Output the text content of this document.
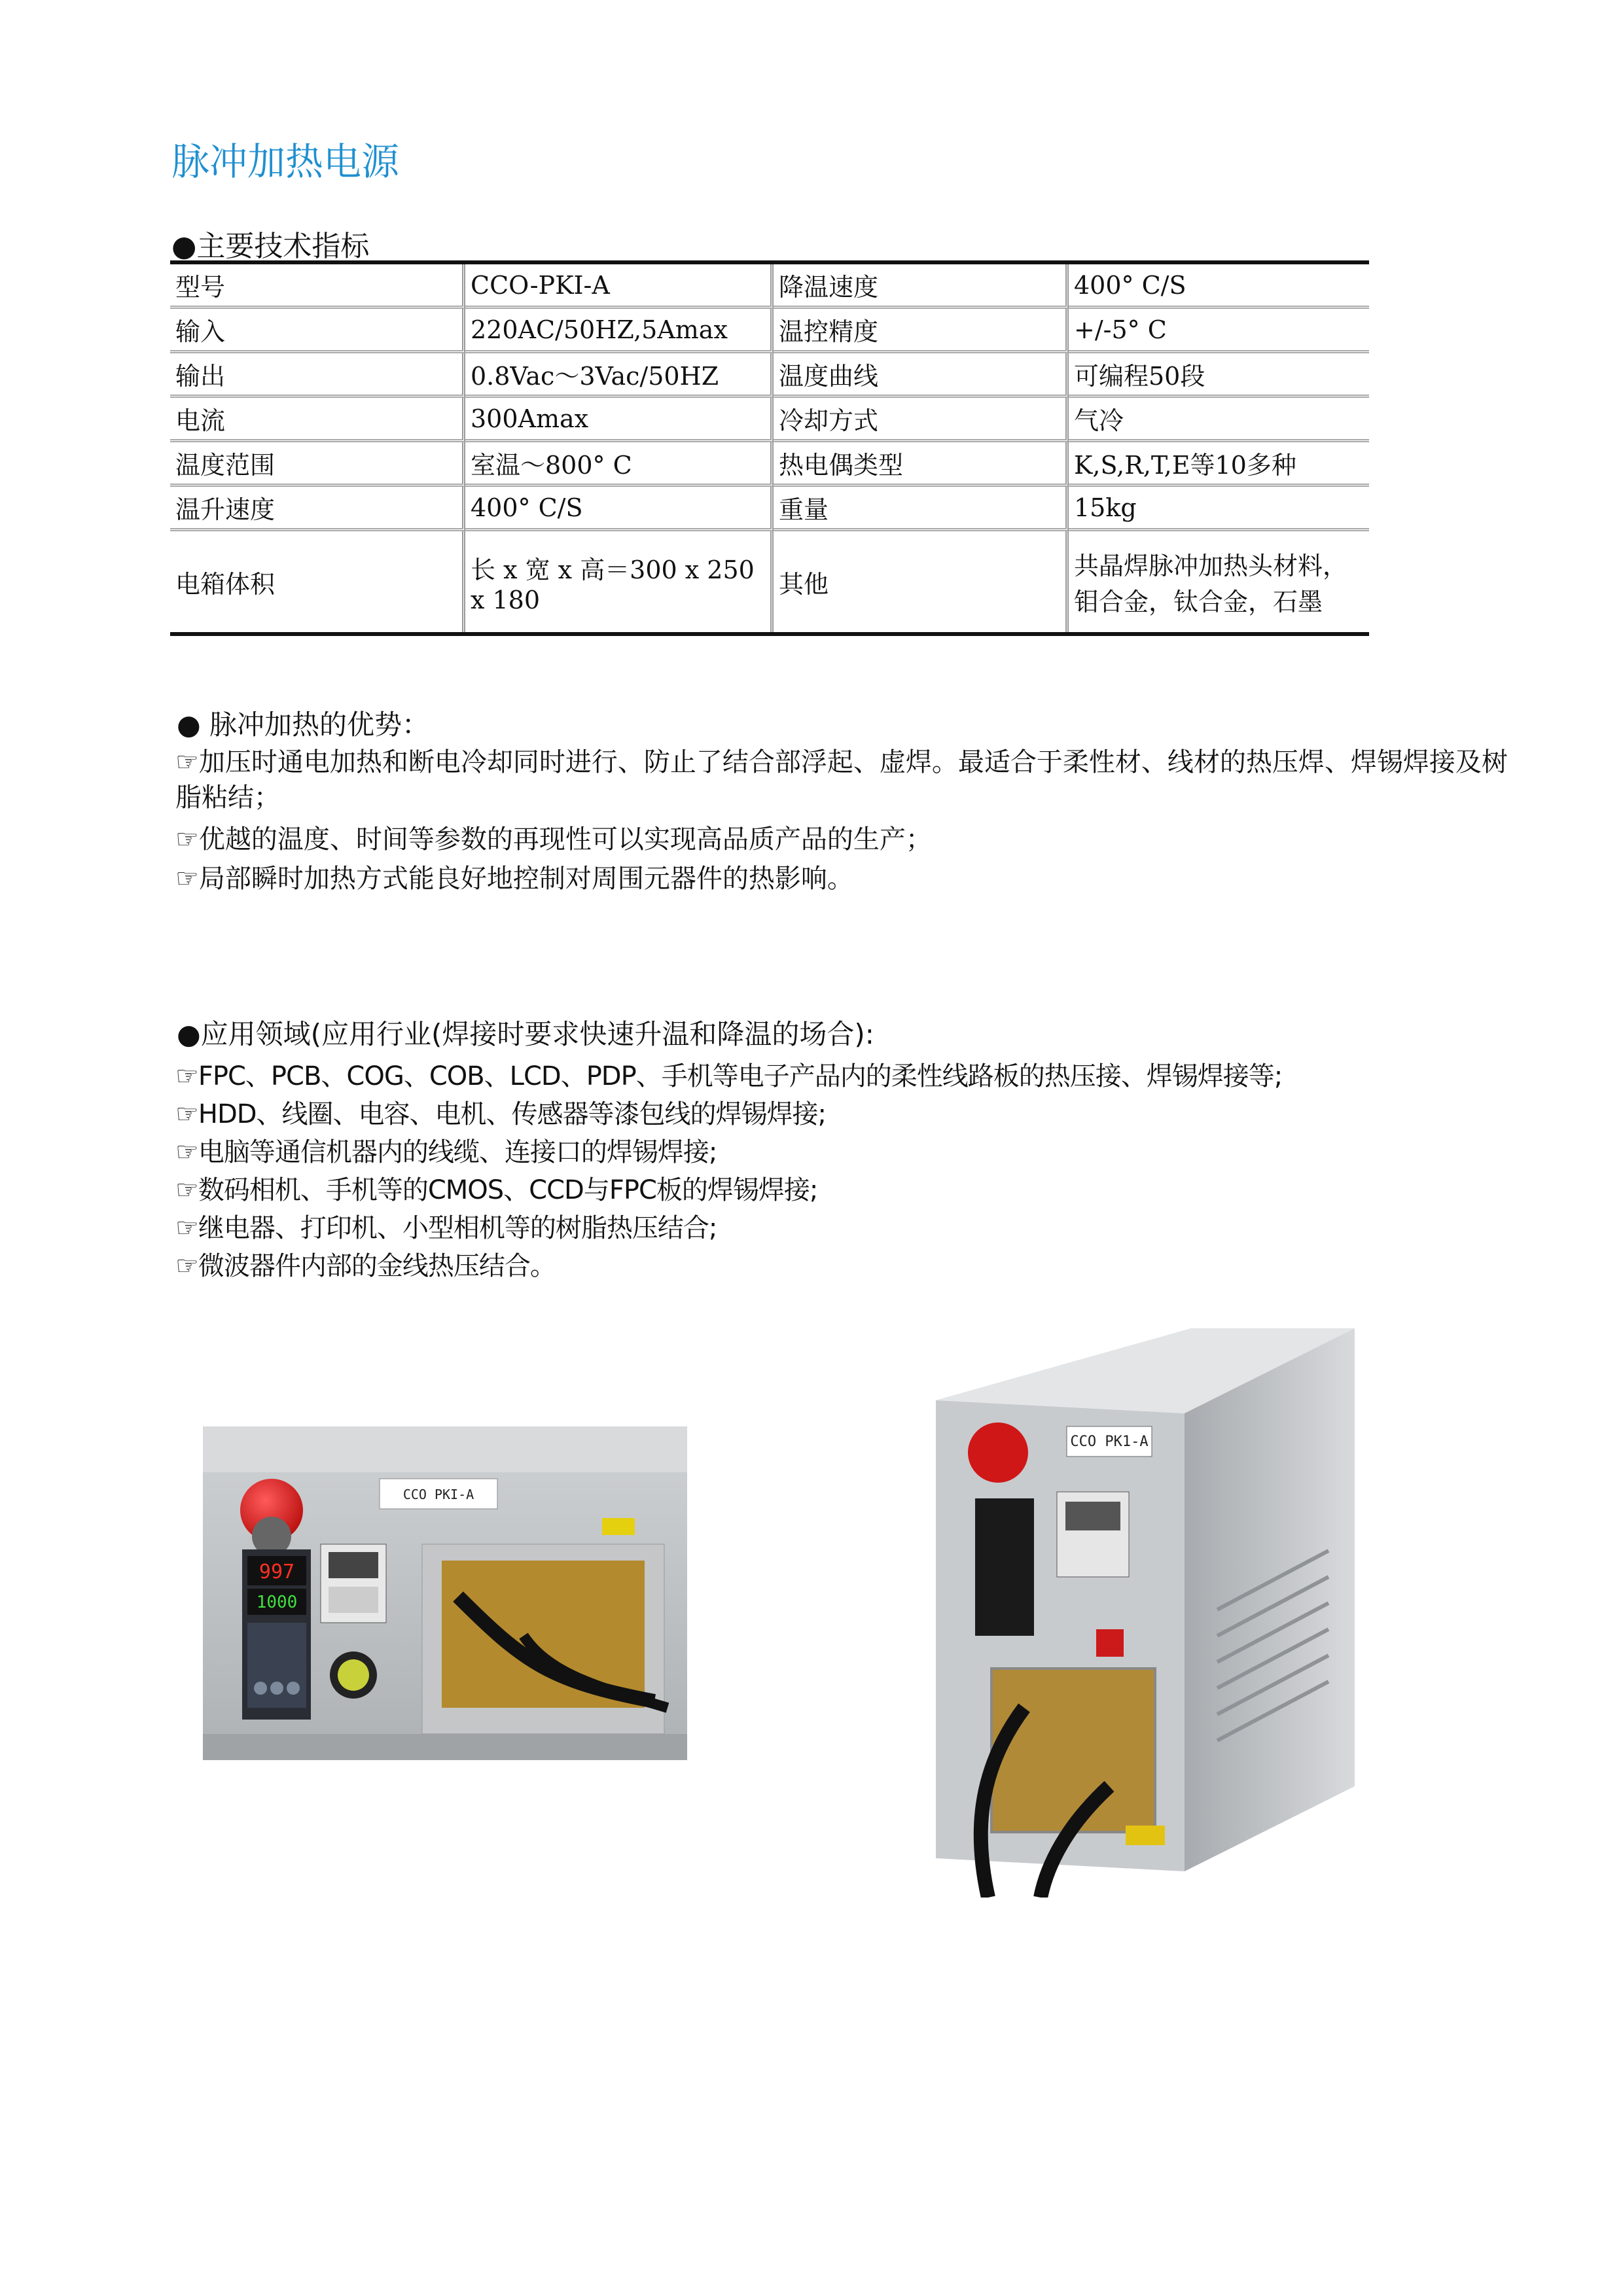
脉冲加热电源
●主要技术指标
型号	CCO-PKI-A	降温速度	400° C/S
输入	220AC/50HZ,5Amax	温控精度	+/-5° C
输出	0.8Vac～3Vac/50HZ	温度曲线	可编程50段
电流	300Amax	冷却方式	气冷
温度范围	室温～800° C	热电偶类型	K,S,R,T,E等10多种
温升速度	400° C/S	重量	15kg
电箱体积	长 x 宽 x 高＝300 x 250 x 180	其他	共晶焊脉冲加热头材料，钼合金，钛合金，石墨
● 脉冲加热的优势：
☞加压时通电加热和断电冷却同时进行、防止了结合部浮起、虚焊。最适合于柔性材、线材的热压焊、焊锡焊接及树脂粘结；
☞优越的温度、时间等参数的再现性可以实现高品质产品的生产；
☞局部瞬时加热方式能良好地控制对周围元器件的热影响。
●应用领域(应用行业(焊接时要求快速升温和降温的场合):
☞FPC、PCB、COG、COB、LCD、PDP、手机等电子产品内的柔性线路板的热压接、焊锡焊接等;
☞HDD、线圈、电容、电机、传感器等漆包线的焊锡焊接;
☞电脑等通信机器内的线缆、连接口的焊锡焊接;
☞数码相机、手机等的CMOS、CCD与FPC板的焊锡焊接;
☞继电器、打印机、小型相机等的树脂热压结合;
☞微波器件内部的金线热压结合。
CCO PKI-A
997
1000
CCO PK1-A
